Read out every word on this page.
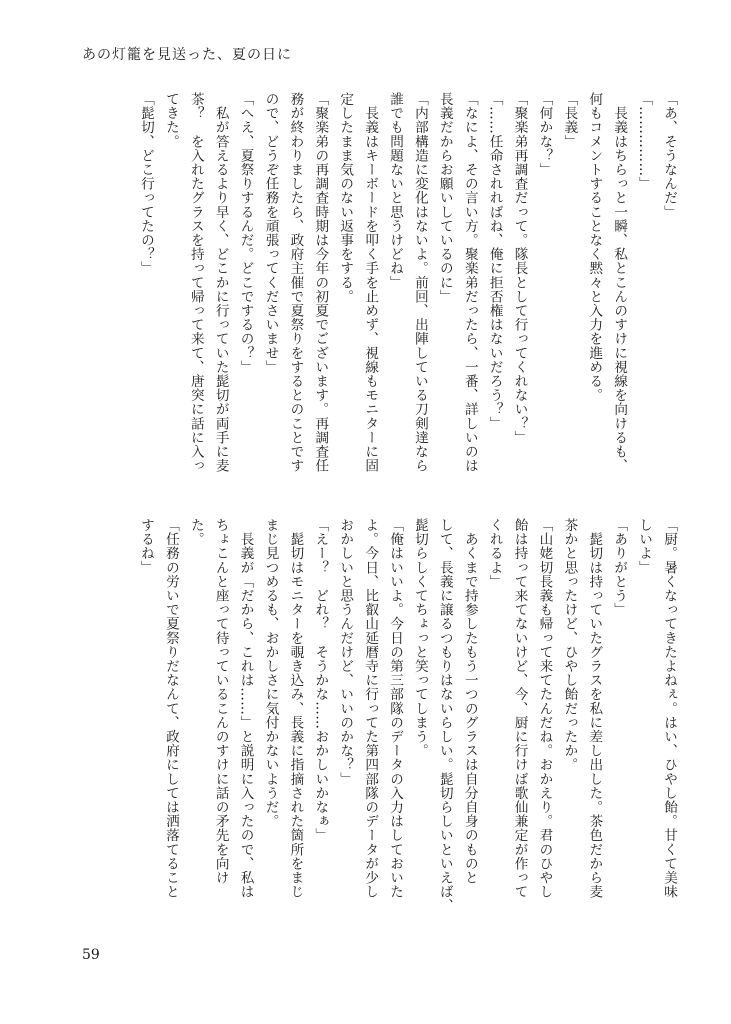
あの灯籠を見送った、夏の日に
「あ、そうなんだ」
「……………」
　長義はちらっと一瞬、私とこんのすけに視線を向けるも、
何もコメントすることなく黙々と入力を進める。
「長義」
「何かな？」
「聚楽弟再調査だって。隊長として行ってくれない？」
「……任命されればね、俺に拒否権はないだろう？」
「なによ、その言い方。聚楽弟だったら、一番、詳しいのは
長義だからお願いしているのに」
「内部構造に変化はないよ。前回、出陣している刀剣達なら
誰でも問題ないと思うけどね」
　長義はキーボードを叩く手を止めず、視線もモニターに固
定したまま気のない返事をする。
「聚楽弟の再調査時期は今年の初夏でございます。再調査任
務が終わりましたら、政府主催で夏祭りをするとのことです
ので、どうぞ任務を頑張ってくださいませ」
「へえ、夏祭りするんだ。どこでするの？」
　私が答えるより早く、どこかに行っていた髭切が両手に麦
茶？　を入れたグラスを持って帰って来て、唐突に話に入っ
てきた。
「髭切、どこ行ってたの？」
「厨。暑くなってきたよねぇ。はい、ひやし飴。甘くて美味
しいよ」
「ありがとう」
　髭切は持っていたグラスを私に差し出した。茶色だから麦
茶かと思ったけど、ひやし飴だったか。
「山姥切長義も帰って来てたんだね。おかえり。君のひやし
飴は持って来てないけど、今、厨に行けば歌仙兼定が作って
くれるよ」
　あくまで持参したもう一つのグラスは自分自身のものと
して、長義に譲るつもりはないらしい。髭切らしいといえば、
髭切らしくてちょっと笑ってしまう。
「俺はいいよ。今日の第三部隊のデータの入力はしておいた
よ。今日、比叡山延暦寺に行ってた第四部隊のデータが少し
おかしいと思うんだけど、いいのかな？」
「えー？　どれ？　そうかな……おかしいかなぁ」
　髭切はモニターを覗き込み、長義に指摘された箇所をまじ
まじ見つめるも、おかしさに気付かないようだ。
　長義が「だから、これは……」と説明に入ったので、私は
ちょこんと座って待っているこんのすけに話の矛先を向け
た。
「任務の労いで夏祭りだなんて、政府にしては洒落てること
するね」
59
